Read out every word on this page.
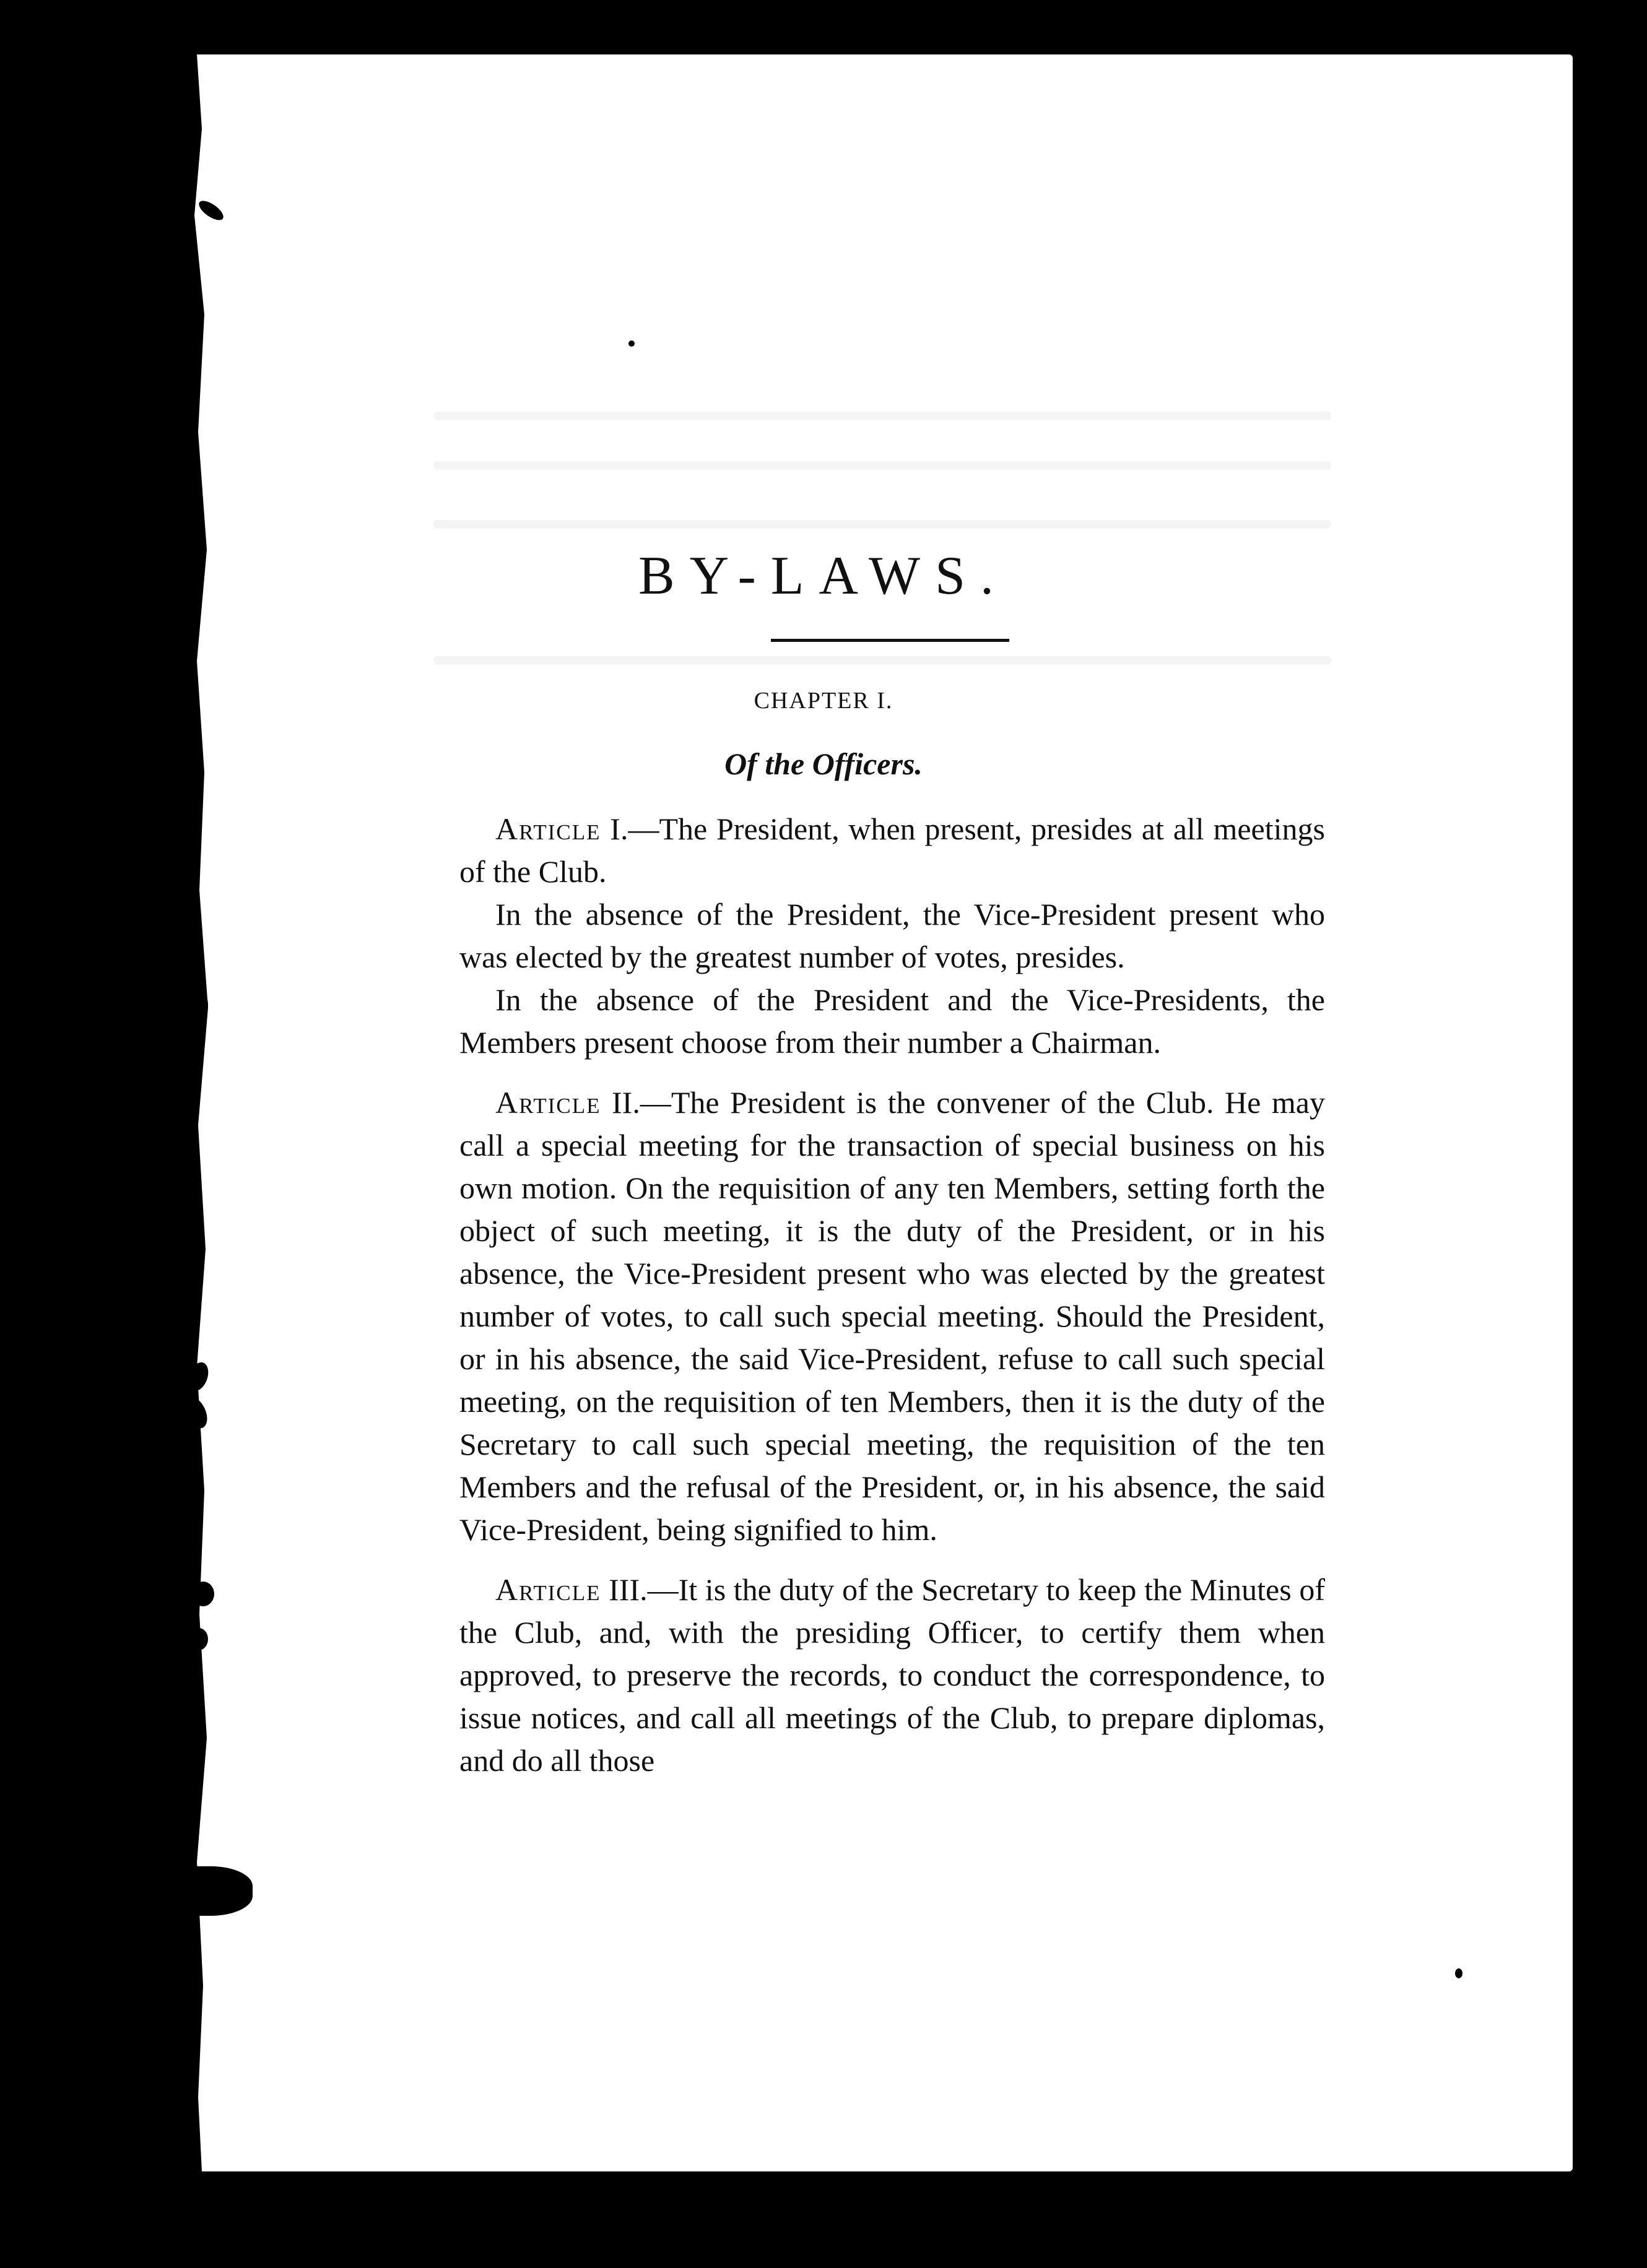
BY-LAWS.
CHAPTER I.
Of the Officers.

Article I.—The President, when present, presides at all meetings of the Club.

In the absence of the President, the Vice-President present who was elected by the greatest number of votes, presides.

In the absence of the President and the Vice-Presidents, the Members present choose from their number a Chairman.

Article II.—The President is the convener of the Club. He may call a special meeting for the transaction of special business on his own motion. On the requisition of any ten Members, setting forth the object of such meeting, it is the duty of the President, or in his absence, the Vice-President present who was elected by the greatest number of votes, to call such special meeting. Should the President, or in his absence, the said Vice-President, refuse to call such special meeting, on the requisition of ten Members, then it is the duty of the Secretary to call such special meeting, the requisition of the ten Members and the refusal of the President, or, in his absence, the said Vice-President, being signified to him.

Article III.—It is the duty of the Secretary to keep the Minutes of the Club, and, with the presiding Officer, to certify them when approved, to preserve the records, to conduct the correspondence, to issue notices, and call all meetings of the Club, to prepare diplomas, and do all those
